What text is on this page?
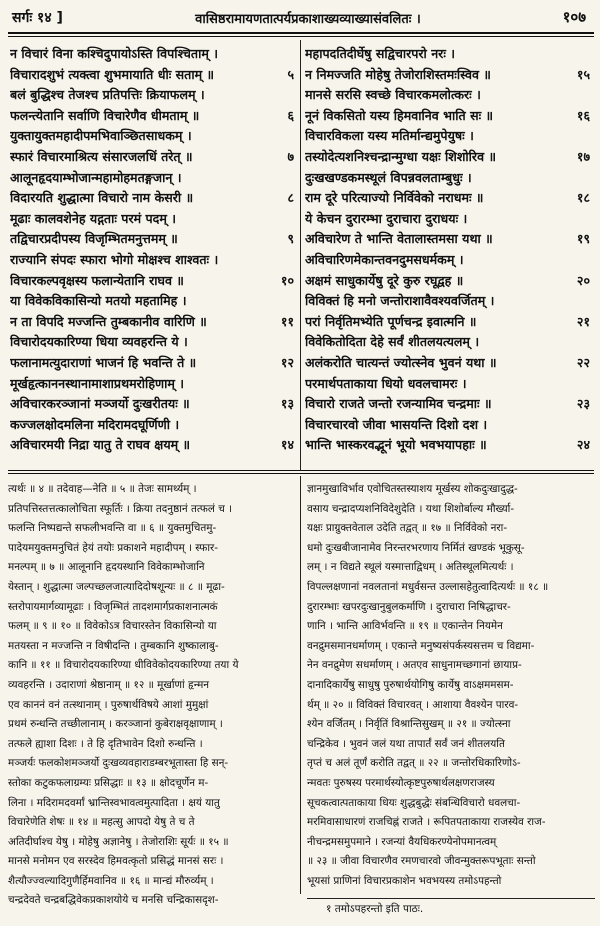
सर्गः १४ ]	वासिष्ठरामायणतात्पर्यप्रकाशाख्यव्याख्यासंवलितः ।	१०७
न विचारं विना कश्चिदुपायोऽस्ति विपश्चिताम् ।
विचारादशुभं त्यक्त्वा शुभमायाति धीः सताम् ॥	५
बलं बुद्धिश्च तेजश्च प्रतिपत्तिः क्रियाफलम् ।
फलन्त्येतानि सर्वाणि विचारेणैव धीमताम् ॥	६
युक्तायुक्तमहादीपमभिवाञ्छितसाधकम् ।
स्फारं विचारमाश्रित्य संसारजलधिं तरेत् ॥	७
आलूनहृदयाम्भोजान्महामोहमतङ्गजान् ।
विदारयति शुद्धात्मा विचारो नाम केसरी ॥	८
मूढाः कालवशेनेह यद्गताः परमं पदम् ।
तद्विचारप्रदीपस्य विजृम्भितमनुत्तमम् ॥	९
राज्यानि संपदः स्फारा भोगो मोक्षश्च शाश्वतः ।
विचारकल्पवृक्षस्य फलान्येतानि राघव ॥	१०
या विवेकविकासिन्यो मतयो महतामिह ।
न ता विपदि मज्जन्ति तुम्बकानीव वारिणि ॥	११
विचारोदयकारिण्या धिया व्यवहरन्ति ये ।
फलानामत्युदाराणां भाजनं हि भवन्ति ते ॥	१२
मूर्खहृत्काननस्थानामाशाप्रथमरोहिणाम् ।
अविचारकरञ्जानां मञ्जर्यो दुःखरीतयः ॥	१३
कज्जलक्षोदमलिना मदिरामदघूर्णिणी ।
अविचारमयी निद्रा यातु ते राघव क्षयम् ॥	१४
महापदतिदीर्घेषु सद्विचारपरो नरः ।
न निमज्जति मोहेषु तेजोराशिस्तमःस्विव ॥	१५
मानसे सरसि स्वच्छे विचारकमलोत्करः ।
नूनं विकसितो यस्य हिमवानिव भाति सः ॥	१६
विचारविकला यस्य मतिर्मान्द्यमुपेयुषः ।
तस्योदेत्यशनिश्चन्द्रान्मुग्धा यक्षः शिशोरिव ॥	१७
दुःखखण्डकमस्थूलं विपन्नवलताम्बुधुः ।
राम दूरे परित्याज्यो निर्विवेको नराधमः ॥	१८
ये केचन दुरारम्भा दुराचारा दुराधयः ।
अविचारेण ते भान्ति वेतालास्तमसा यथा ॥	१९
अविचारिणमेकान्तवनदुमसधर्मकम् ।
अक्षमं साधुकार्येषु दूरे कुरु रघूद्वह ॥	२०
विविक्तं हि मनो जन्तोराशावैवश्यवर्जितम् ।
परां निर्वृतिमभ्येति पूर्णचन्द्र इवात्मनि ॥	२१
विवेकितोदिता देहे सर्वं शीतलयत्यलम् ।
अलंकरोति चात्यन्तं ज्योत्स्नेव भुवनं यथा ॥	२२
परमार्थपताकाया धियो धवलचामरः ।
विचारो राजते जन्तो रजन्यामिव चन्द्रमाः ॥	२३
विचारचारवो जीवा भासयन्ति दिशो दश ।
भान्ति भास्करवद्भूनं भूयो भवभयापहाः ॥	२४
त्यर्थः ॥ ४ ॥ तदेवाह—नेति ॥ ५ ॥ तेजः सामर्थ्यम् ।
प्रतिपत्तिस्तत्तत्कालोचिता स्फूर्तिः । क्रिया तदनुष्ठानं तत्फलं च ।
फलन्ति निष्पद्यन्ते सफलीभवन्ति वा ॥ ६ ॥ युक्तमुचितमु-
पादेयमयुक्तमनुचितं हेयं तयोः प्रकाशने महादीपम् । स्फार-
मनल्पम् ॥ ७ ॥ आलूनानि हृदयस्थानि विवेकाम्भोजानि
येस्तान् । शुद्धात्मा जल्पच्छलजात्यादिदोषशून्यः ॥ ८ ॥ मूढा-
स्तरोपायमार्गव्यामूढाः । विजृम्भितं तादशमार्गप्रकाशनात्मकं
फलम् ॥ ९ ॥ १० ॥ विवेकोऽत्र विचारस्तेन विकासिन्यो या
मतयस्ता न मज्जन्ति न विषीदन्ति । तुम्बकानि शुष्कालाबु-
कानि ॥ ११ ॥ विचारोदयकारिण्या धीविवेकोदयकारिण्या तया ये
व्यवहरन्ति । उदाराणां श्रेष्ठानाम् ॥ १२ ॥ मूर्खाणां हृन्मन
एव काननं वनं तत्स्थानाम् । पुरुषार्थविषये आशां मुमुक्षां
प्रथमं रुन्धन्ति तच्छीलानाम् । करञ्जानां कुबेराक्षवृक्षाणाम् ।
तत्फले ह्याशा दिशः । ते हि दृतिभावेन दिशो रुन्धन्ति ।
मञ्जर्यः फलकोशमञ्जर्यो दुःखव्यवहाराडम्बरभूतास्ता हि सन्-
स्तोका कटुकफलाग्रम्यः प्रसिद्धाः ॥ १३ ॥ क्षोदचूर्णेन म-
लिना । मदिरामदवर्मां भ्रान्तिस्वभावत्वमुत्पादिता । क्षयं यातु
विचारेणेति शेषः ॥ १४ ॥ महत्सु आपदो येषु ते च ते
अतिदीर्घाश्च येषु । मोहेषु अज्ञानेषु । तेजोराशिः सूर्यः ॥ १५ ॥
मानसे मनोमन एव सरस्देव हिमवत्कृतो प्रसिद्धं मानसं सरः ।
शैत्यौज्ज्वल्यादिगुणैर्हिमवानिव ॥ १६ ॥ मान्द्यं मौरुर्व्यम् ।
चन्द्रदेवते चन्द्रबद्धिवेकप्रकाशयोये च मनसि चन्द्रिकासदृश-
ज्ञानमुखाविर्भाव एवोचितस्तस्याशय मूर्खस्य शोकदुःखादुद्ध-
वसाय चन्द्रादप्यशनिविदेशुदेति । यथा शिशोर्बाल्य मौर्ख्या-
यक्षः प्राग्रुक्तवेताल उदेति तद्वत् ॥ १७ ॥ निर्विवेको नरा-
धमो दुःखबीजानामेव निरन्तरभरणाय निर्मितं खण्डकं भूकुसू-
लम् । न विद्यते स्थूलं यस्मात्ताद्विधम् । अतिस्थूलमित्यर्थः ।
विपल्लक्षणानां नवलतानां मधुर्वसन्त उल्लासहेतुत्वादित्यर्थः ॥ १८ ॥
दुरारम्भाः खपरदुःखानुबुलकर्माणि । दुराचारा निषिद्धाचर-
णानि । भान्ति आविर्भवन्ति ॥ १९ ॥ एकान्तेन नियमेन
वनद्रुमसमानधर्माणम् । एकान्ते मनुष्यसंपर्कस्यसत्तम च विद्यमा-
नेन वनद्रुमेण सधर्माणम् । अतएव साधुनामच्छगानां छायाप्र-
दानादिकार्येषु साधुषु पुरुषार्थयोगिषु कार्येषु वाऽक्षममसम-
र्थम् ॥ २० ॥ विविक्तं विचारवत् । आशाया वैवश्येन पारव-
श्येन वर्जितम् । निर्वृतिं विश्रान्तिसुखम् ॥ २१ ॥ ज्योत्स्ना
चन्द्रिकेव । भुवनं जलं यथा तापार्तं सर्वं जनं शीतलयति
तृप्तं च अलं तूर्णं करोति तद्वत् ॥ २२ ॥ जन्तोरधिकारिणोऽ-
न्मवतः पुरुषस्य परमार्थस्योत्कृष्टपुरुषार्थलक्षणराजस्य
सूचकत्वात्पताकाया धियः शुद्धबुद्धेः संबन्धिविचारो धवलचा-
मरमिवासाधारणं राजचिह्नं राजते । रूपितपताकाया राजस्येव राज-
नीचन्द्रमसमुपमाने । रजन्यां वैयधिकरण्येनोपमानत्वम्
॥ २३ ॥ जीवा विचारणैव रमणचारवो जीवन्मुक्तरूपभूताः सन्तो
भूयसां प्राणिनां विचारप्रकाशेन भवभयस्य तमोऽपहन्तो
१ तमोऽपहरन्तो इति पाठः.
